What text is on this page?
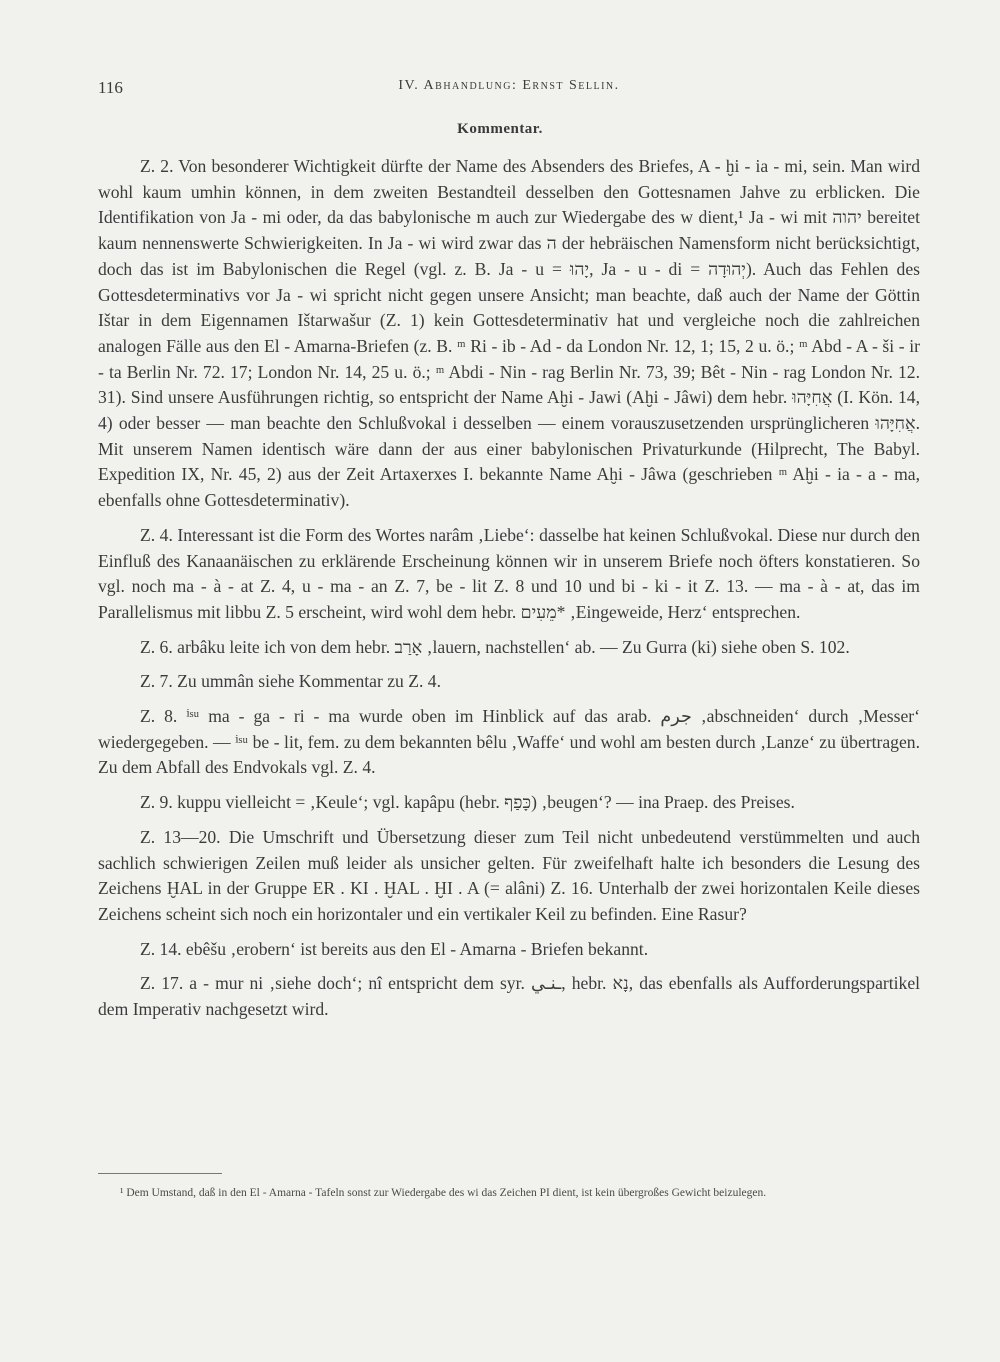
116	IV. Abhandlung: Ernst Sellin.
Kommentar.

Z. 2. Von besonderer Wichtigkeit dürfte der Name des Absenders des Briefes, A - ḫi - ia - mi, sein. Man wird wohl kaum umhin können, in dem zweiten Bestandteil desselben den Gottesnamen Jahve zu erblicken. Die Identifikation von Ja - mi oder, da das babylonische m auch zur Wiedergabe des w dient,¹ Ja - wi mit יהוה bereitet kaum nennenswerte Schwierigkeiten. In Ja - wi wird zwar das ה der hebräischen Namensform nicht berücksichtigt, doch das ist im Babylonischen die Regel (vgl. z. B. Ja - u = יָהוּ, Ja - u - di = יְהוּדָה). Auch das Fehlen des Gottesdeterminativs vor Ja - wi spricht nicht gegen unsere Ansicht; man beachte, daß auch der Name der Göttin Ištar in dem Eigennamen Ištarwašur (Z. 1) kein Gottesdeterminativ hat und vergleiche noch die zahlreichen analogen Fälle aus den El - Amarna-Briefen (z. B. ᵐ Ri - ib - Ad - da London Nr. 12, 1; 15, 2 u. ö.; ᵐ Abd - A - ši - ir - ta Berlin Nr. 72. 17; London Nr. 14, 25 u. ö.; ᵐ Abdi - Nin - rag Berlin Nr. 73, 39; Bêt - Nin - rag London Nr. 12. 31). Sind unsere Ausführungen richtig, so entspricht der Name Aḫi - Jawi (Aḫi - Jâwi) dem hebr. אֲחִיָּהוּ (I. Kön. 14, 4) oder besser — man beachte den Schlußvokal i desselben — einem vorauszusetzenden ursprünglicheren אֲחִיָּהוּ. Mit unserem Namen identisch wäre dann der aus einer babylonischen Privaturkunde (Hilprecht, The Babyl. Expedition IX, Nr. 45, 2) aus der Zeit Artaxerxes I. bekannte Name Aḫi - Jâwa (geschrieben ᵐ Aḫi - ia - a - ma, ebenfalls ohne Gottesdeterminativ).

Z. 4. Interessant ist die Form des Wortes narâm ‚Liebe‘: dasselbe hat keinen Schlußvokal. Diese nur durch den Einfluß des Kanaanäischen zu erklärende Erscheinung können wir in unserem Briefe noch öfters konstatieren. So vgl. noch ma - à - at Z. 4, u - ma - an Z. 7, be - lit Z. 8 und 10 und bi - ki - it Z. 13. — ma - à - at, das im Parallelismus mit libbu Z. 5 erscheint, wird wohl dem hebr. מֵעִים* ‚Eingeweide, Herz‘ entsprechen.

Z. 6. arbâku leite ich von dem hebr. אָרַב ‚lauern, nachstellen‘ ab. — Zu Gurra (ki) siehe oben S. 102.

Z. 7. Zu ummân siehe Kommentar zu Z. 4.

Z. 8. ⁱˢᵘ ma - ga - ri - ma wurde oben im Hinblick auf das arab. جرم ‚abschneiden‘ durch ‚Messer‘ wiedergegeben. — ⁱˢᵘ be - lit, fem. zu dem bekannten bêlu ‚Waffe‘ und wohl am besten durch ‚Lanze‘ zu übertragen. Zu dem Abfall des Endvokals vgl. Z. 4.

Z. 9. kuppu vielleicht = ‚Keule‘; vgl. kapâpu (hebr. כָּפַף) ‚beugen‘? — ina Praep. des Preises.

Z. 13—20. Die Umschrift und Übersetzung dieser zum Teil nicht unbedeutend verstümmelten und auch sachlich schwierigen Zeilen muß leider als unsicher gelten. Für zweifelhaft halte ich besonders die Lesung des Zeichens ḪAL in der Gruppe ER . KI . ḪAL . ḪI . A (= alâni) Z. 16. Unterhalb der zwei horizontalen Keile dieses Zeichens scheint sich noch ein horizontaler und ein vertikaler Keil zu befinden. Eine Rasur?

Z. 14. ebêšu ‚erobern‘ ist bereits aus den El - Amarna - Briefen bekannt.

Z. 17. a - mur ni ‚siehe doch‘; nî entspricht dem syr. ـنـي, hebr. נָא, das ebenfalls als Aufforderungspartikel dem Imperativ nachgesetzt wird.

¹ Dem Umstand, daß in den El - Amarna - Tafeln sonst zur Wiedergabe des wi das Zeichen PI dient, ist kein übergroßes Gewicht beizulegen.
